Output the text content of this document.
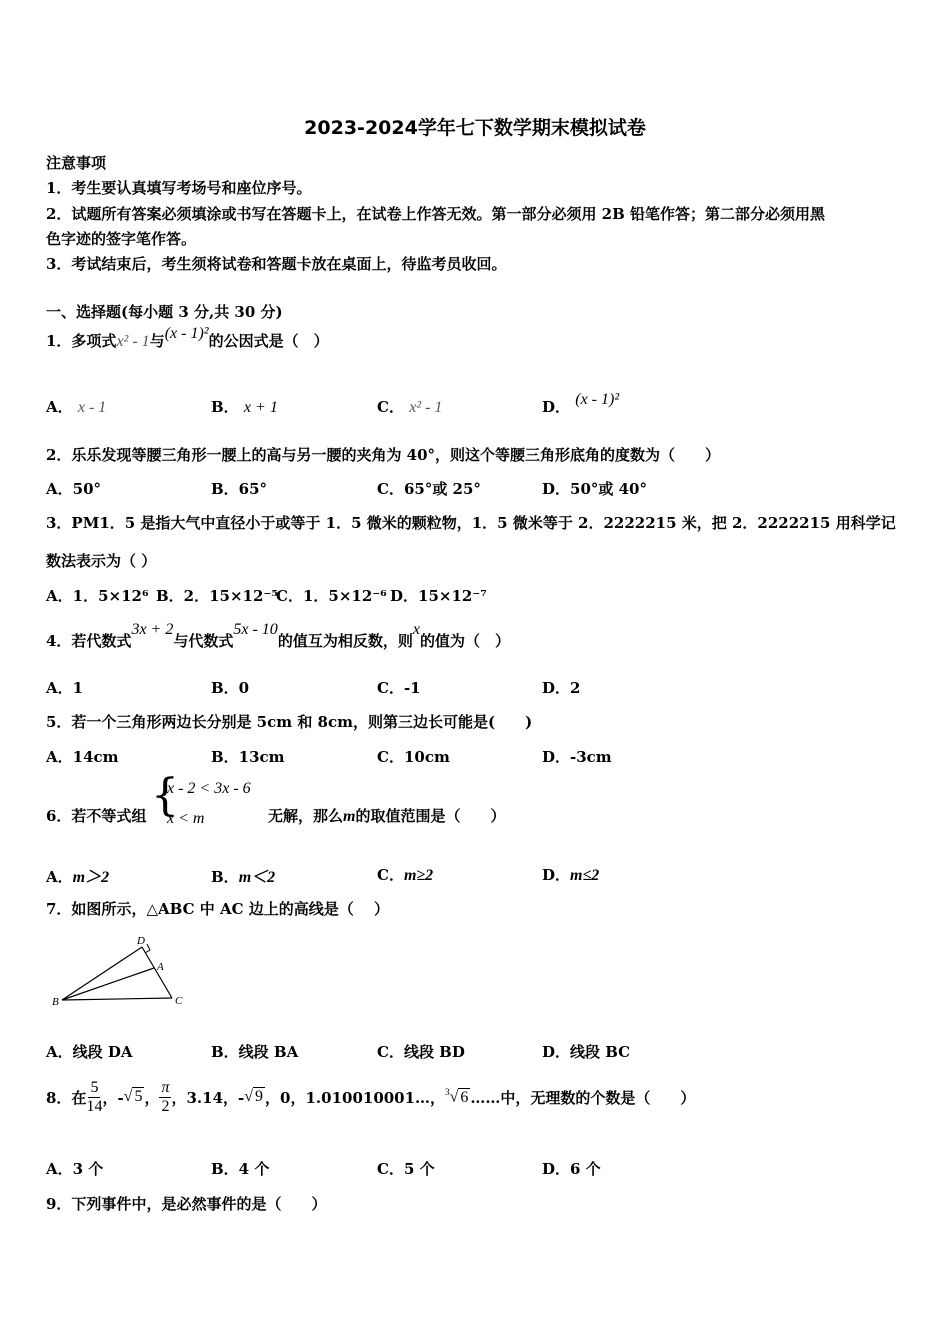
2023-2024学年七下数学期末模拟试卷
注意事项
1．考生要认真填写考场号和座位序号。
2．试题所有答案必须填涂或书写在答题卡上，在试卷上作答无效。第一部分必须用 2B 铅笔作答；第二部分必须用黑
色字迹的签字笔作答。
3．考试结束后，考生须将试卷和答题卡放在桌面上，待监考员收回。
一、选择题(每小题 3 分,共 30 分)
1．多项式x² - 1与(x - 1)²的公因式是（　）
A． x - 1	B． x + 1	C． x² - 1	D． (x - 1)²
2．乐乐发现等腰三角形一腰上的高与另一腰的夹角为 40°，则这个等腰三角形底角的度数为（　　）
A．50°	B．65°	C．65°或 25°	D．50°或 40°
3．PM1．5 是指大气中直径小于或等于 1．5 微米的颗粒物，1．5 微米等于 2．2222215 米，把 2．2222215 用科学记
数法表示为（ ）
A．1．5×12⁶ B．2．15×12⁻⁵
C．1．5×12⁻⁶ D．15×12⁻⁷
4．若代数式3x + 2与代数式5x - 10的值互为相反数，则x的值为（　）
A．1	B．0	C．-1	D．2
5．若一个三角形两边长分别是 5cm 和 8cm，则第三边长可能是(　　)
A．14cm	B．13cm	C．10cm	D．-3cm
6．若不等式组 {
x - 2 < 3x - 6
x < m	无解，那么m的取值范围是（　　）
A．m＞2	B．m＜2	C．m≥2	D．m≤2
7．如图所示，△ABC 中 AC 边上的高线是（　 ）
D
A
B	C
A．线段 DA	B．线段 BA	C．线段 BD	D．线段 BC
8．在 $\frac{5}{14}$ ，- √ 5 ， $\frac{\pi}{2}$ ，3.14，- √ 9 ，0，1.010010001…， $^3$√ 6 ……中，无理数的个数是（　　）
A．3 个	B．4 个	C．5 个	D．6 个
9．下列事件中，是必然事件的是（　　）
